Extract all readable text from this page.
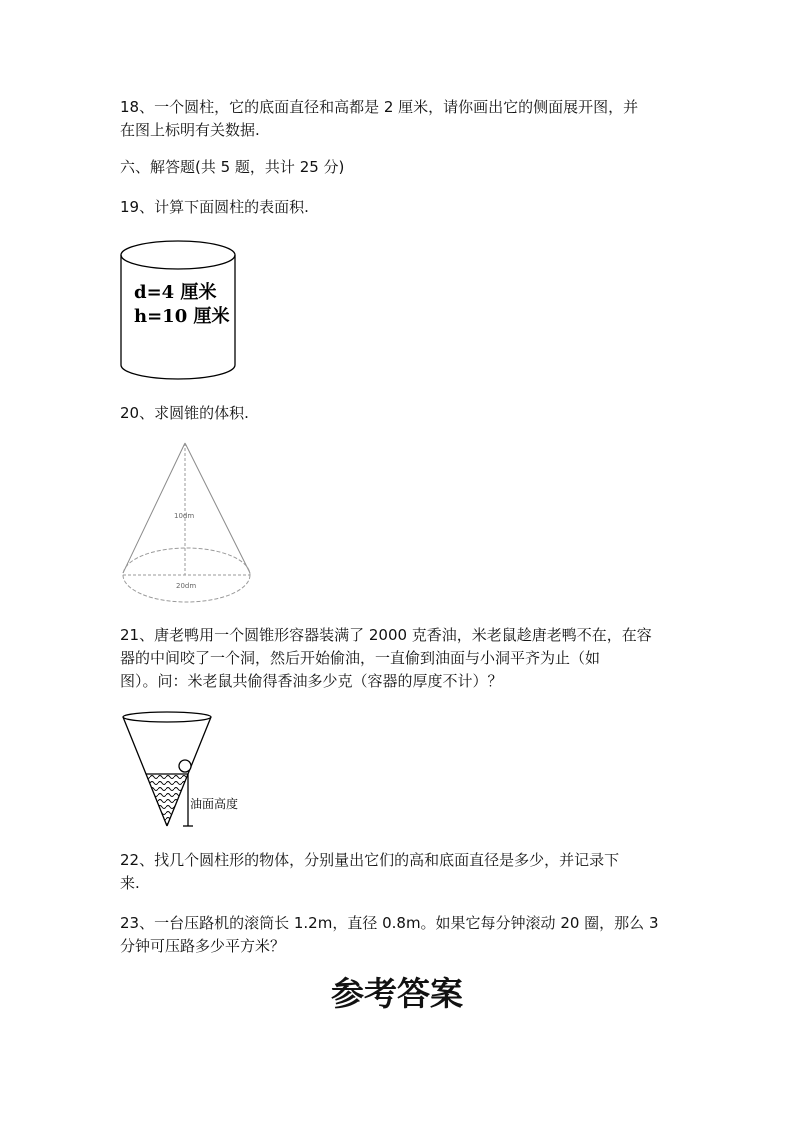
18、一个圆柱，它的底面直径和高都是 2 厘米，请你画出它的侧面展开图，并

在图上标明有关数据.

六、解答题(共 5 题，共计 25 分)

19、计算下面圆柱的表面积.

d=4 厘米
h=10 厘米

20、求圆锥的体积.

10dm
20dm

21、唐老鸭用一个圆锥形容器装满了 2000 克香油，米老鼠趁唐老鸭不在，在容

器的中间咬了一个洞，然后开始偷油，一直偷到油面与小洞平齐为止（如

图）。问：米老鼠共偷得香油多少克（容器的厚度不计）？

油面高度

22、找几个圆柱形的物体，分别量出它们的高和底面直径是多少，并记录下

来.

23、一台压路机的滚筒长 1.2m，直径 0.8m。如果它每分钟滚动 20 圈，那么 3

分钟可压路多少平方米？

参考答案
